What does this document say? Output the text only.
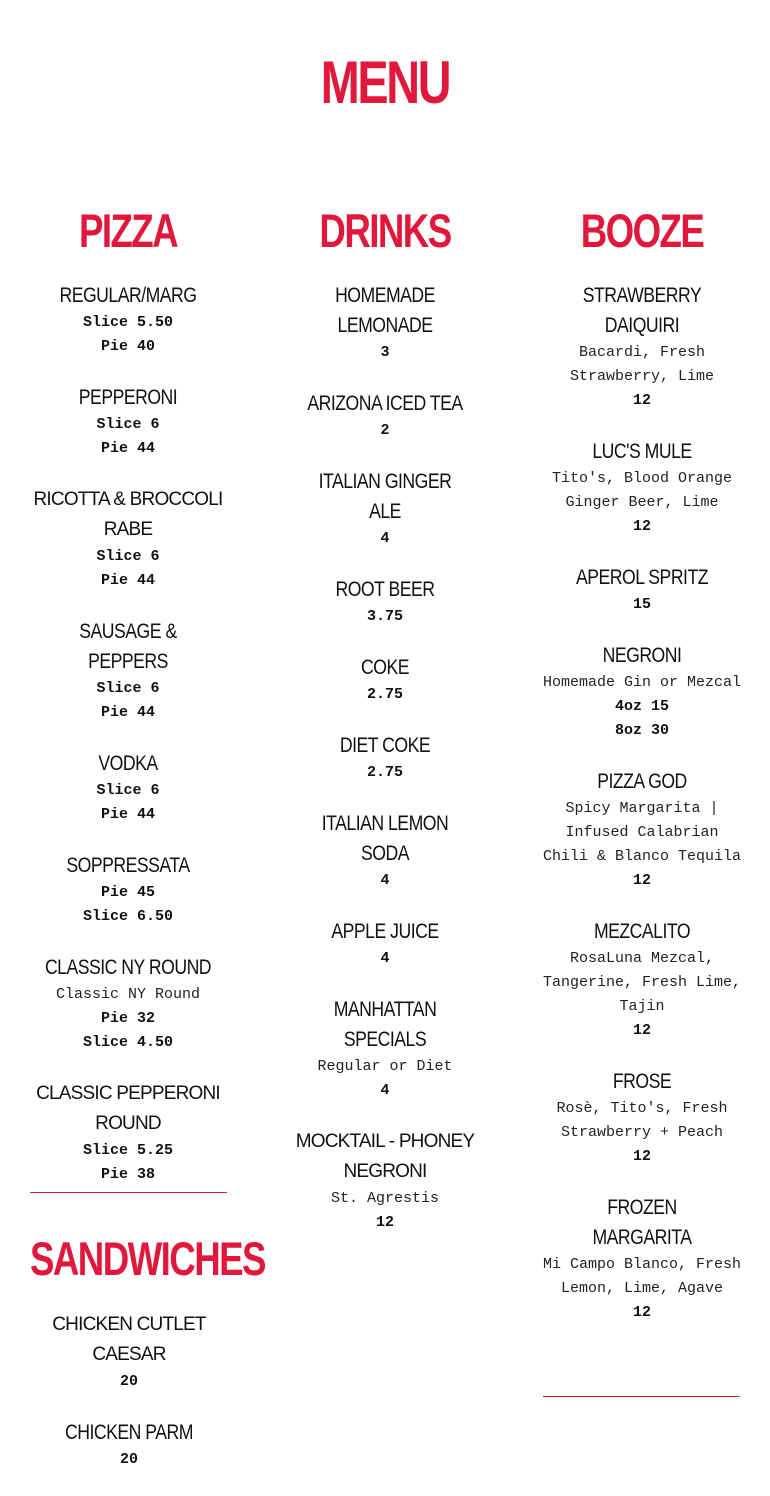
MENU
PIZZA
REGULAR/MARG
Slice 5.50
Pie 40
PEPPERONI
Slice 6
Pie 44
RICOTTA & BROCCOLI RABE
Slice 6
Pie 44
SAUSAGE & PEPPERS
Slice 6
Pie 44
VODKA
Slice 6
Pie 44
SOPPRESSATA
Pie 45
Slice 6.50
CLASSIC NY ROUND
Classic NY Round
Pie 32
Slice 4.50
CLASSIC PEPPERONI ROUND
Slice 5.25
Pie 38
SANDWICHES
CHICKEN CUTLET CAESAR
20
CHICKEN PARM
20
DRINKS
HOMEMADE LEMONADE
3
ARIZONA ICED TEA
2
ITALIAN GINGER ALE
4
ROOT BEER
3.75
COKE
2.75
DIET COKE
2.75
ITALIAN LEMON SODA
4
APPLE JUICE
4
MANHATTAN SPECIALS
Regular or Diet
4
MOCKTAIL - PHONEY NEGRONI
St. Agrestis
12
BOOZE
STRAWBERRY DAIQUIRI
Bacardi, Fresh Strawberry, Lime
12
LUC'S MULE
Tito's, Blood Orange Ginger Beer, Lime
12
APEROL SPRITZ
15
NEGRONI
Homemade Gin or Mezcal
4oz 15
8oz 30
PIZZA GOD
Spicy Margarita | Infused Calabrian Chili & Blanco Tequila
12
MEZCALITO
RosaLuna Mezcal, Tangerine, Fresh Lime, Tajin
12
FROSE
Rosè, Tito's, Fresh Strawberry + Peach
12
FROZEN MARGARITA
Mi Campo Blanco, Fresh Lemon, Lime, Agave
12
